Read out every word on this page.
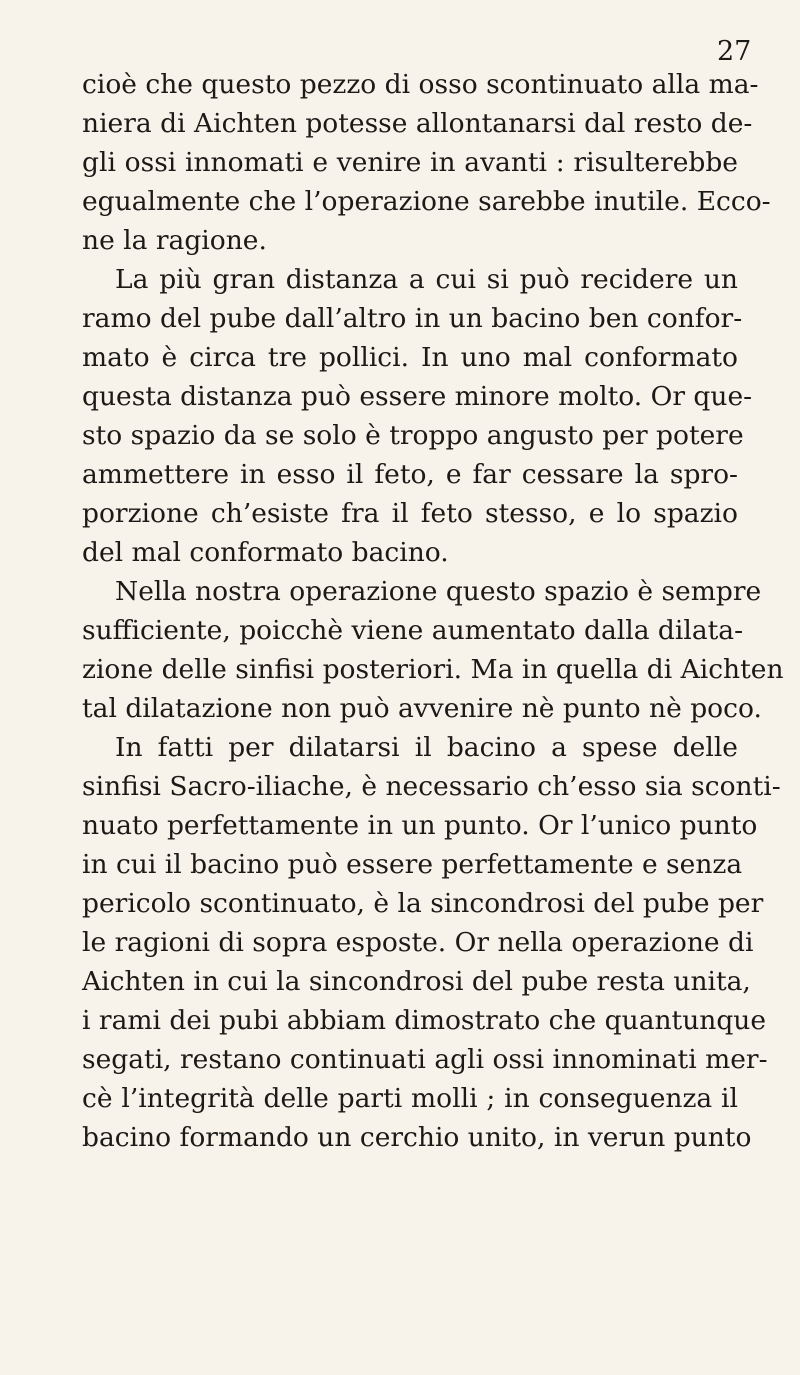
27
cioè che questo pezzo di osso scontinuato alla ma-
niera di Aichten potesse allontanarsi dal resto de-
gli ossi innomati e venire in avanti : risulterebbe
egualmente che l’operazione sarebbe inutile. Ecco-
ne la ragione.
La più gran distanza a cui si può recidere un
ramo del pube dall’altro in un bacino ben confor-
mato è circa tre pollici. In uno mal conformato
questa distanza può essere minore molto. Or que-
sto spazio da se solo è troppo angusto per potere
ammettere in esso il feto, e far cessare la spro-
porzione ch’esiste fra il feto stesso, e lo spazio
del mal conformato bacino.
Nella nostra operazione questo spazio è sempre
sufficiente, poicchè viene aumentato dalla dilata-
zione delle sinfisi posteriori. Ma in quella di Aichten
tal dilatazione non può avvenire nè punto nè poco.
In fatti per dilatarsi il bacino a spese delle
sinfisi Sacro-iliache, è necessario ch’esso sia sconti-
nuato perfettamente in un punto. Or l’unico punto
in cui il bacino può essere perfettamente e senza
pericolo scontinuato, è la sincondrosi del pube per
le ragioni di sopra esposte. Or nella operazione di
Aichten in cui la sincondrosi del pube resta unita,
i rami dei pubi abbiam dimostrato che quantunque
segati, restano continuati agli ossi innominati mer-
cè l’integrità delle parti molli ; in conseguenza il
bacino formando un cerchio unito, in verun punto
